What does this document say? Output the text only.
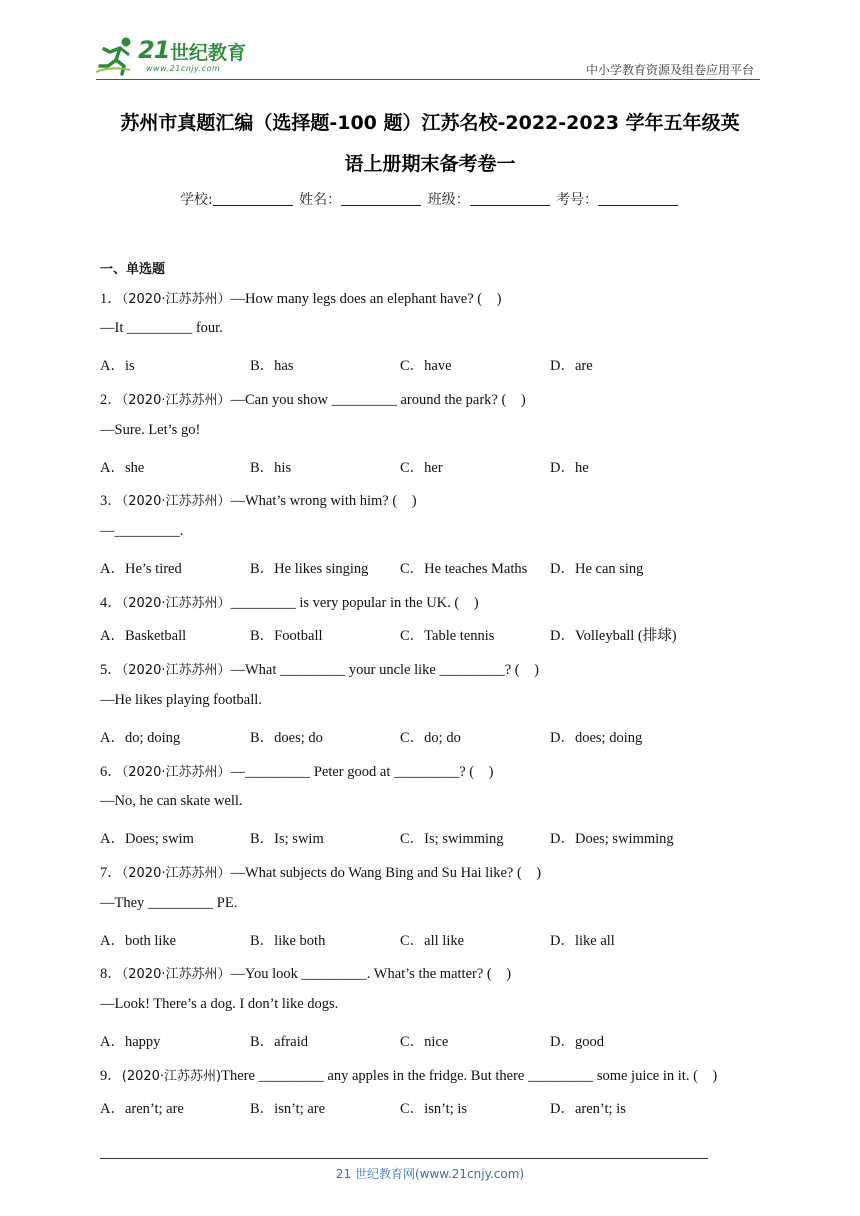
21 世纪教育
www.21cnjy.com	中小学教育资源及组卷应用平台
苏州市真题汇编（选择题-100 题）江苏名校-2022-2023 学年五年级英
语上册期末备考卷一
学校:	姓名：	班级：	考号：
一、单选题
1．（2020·江苏苏州）—How many legs does an elephant have? (　)
—It _________ four.
A．is	B．has	C．have	D．are
2．（2020·江苏苏州）—Can you show _________ around the park? (　)
—Sure. Let’s go!
A．she	B．his	C．her	D．he
3．（2020·江苏苏州）—What’s wrong with him? (　)
—_________.
A．He’s tired	B．He likes singing C．He teaches Maths D．He can sing
4．（2020·江苏苏州）_________ is very popular in the UK. (　)
A．Basketball	B．Football	C．Table tennis	D．Volleyball (排球)
5．（2020·江苏苏州）—What _________ your uncle like _________? (　)
—He likes playing football.
A．do; doing	B．does; do	C．do; do	D．does; doing
6．（2020·江苏苏州）—_________ Peter good at _________? (　)
—No, he can skate well.
A．Does; swim	B．Is; swim	C．Is; swimming	D．Does; swimming
7．（2020·江苏苏州）—What subjects do Wang Bing and Su Hai like? (　)
—They _________ PE.
A．both like	B．like both	C．all like	D．like all
8．（2020·江苏苏州）—You look _________. What’s the matter? (　)
—Look! There’s a dog. I don’t like dogs.
A．happy	B．afraid	C．nice	D．good
9．(2020·江苏苏州)There _________ any apples in the fridge. But there _________ some juice in it. (　)
A．aren’t; are	B．isn’t; are	C．isn’t; is	D．aren’t; is
21 世纪教育网(www.21cnjy.com)
